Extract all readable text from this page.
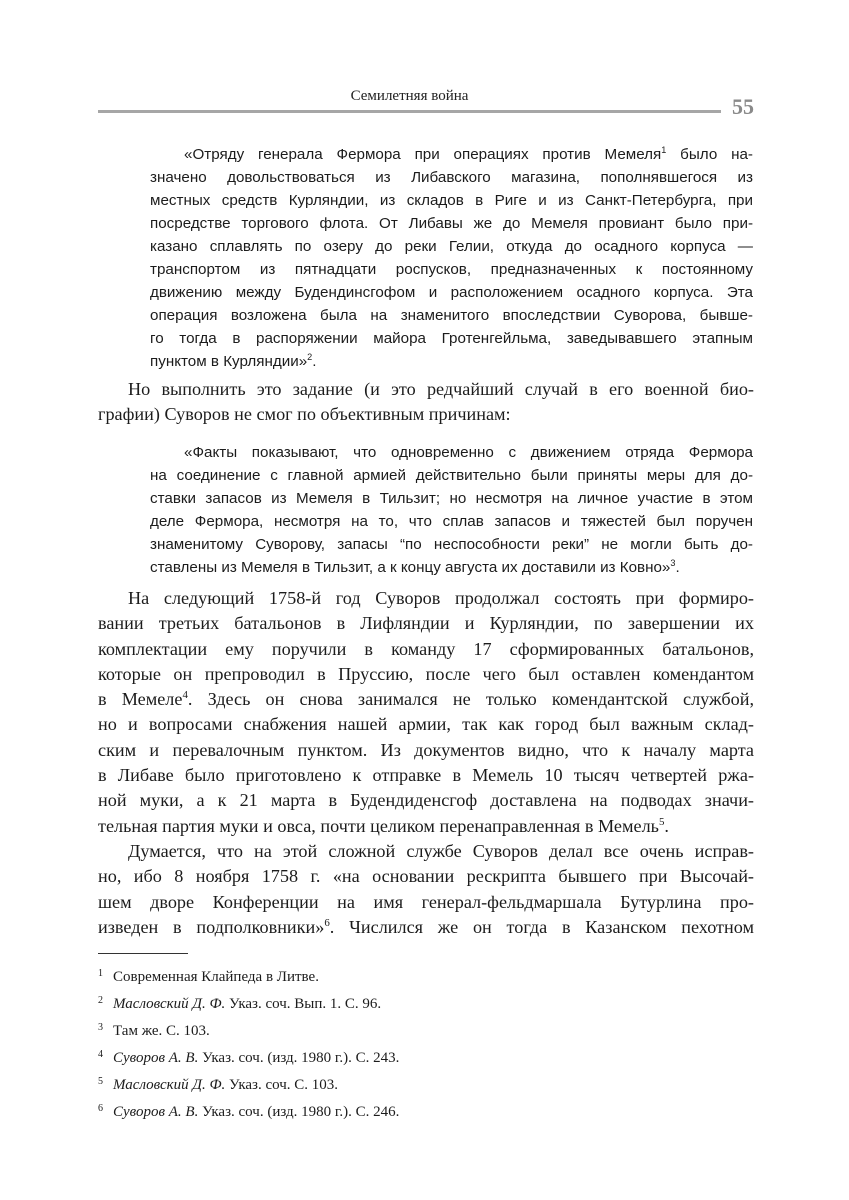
Семилетняя война	55
«Отряду генерала Фермора при операциях против Мемеля$^1$ было на-
значено довольствоваться из Либавского магазина, пополнявшегося из
местных средств Курляндии, из складов в Риге и из Санкт-Петербурга, при
посредстве торгового флота. От Либавы же до Мемеля провиант было при-
казано сплавлять по озеру до реки Гелии, откуда до осадного корпуса —
транспортом из пятнадцати роспусков, предназначенных к постоянному
движению между Будендинсгофом и расположением осадного корпуса. Эта
операция возложена была на знаменитого впоследствии Суворова, бывше-
го тогда в распоряжении майора Гротенгейльма, заведывавшего этапным
пунктом в Курляндии»$^2$.
Но выполнить это задание (и это редчайший случай в его военной био-
графии) Суворов не смог по объективным причинам:
«Факты показывают, что одновременно с движением отряда Фермора
на соединение с главной армией действительно были приняты меры для до-
ставки запасов из Мемеля в Тильзит; но несмотря на личное участие в этом
деле Фермора, несмотря на то, что сплав запасов и тяжестей был поручен
знаменитому Суворову, запасы “по неспособности реки” не могли быть до-
ставлены из Мемеля в Тильзит, а к концу августа их доставили из Ковно»$^3$.
На следующий 1758-й год Суворов продолжал состоять при формиро-
вании третьих батальонов в Лифляндии и Курляндии, по завершении их
комплектации ему поручили в команду 17 сформированных батальонов,
которые он препроводил в Пруссию, после чего был оставлен комендантом
в Мемеле$^4$. Здесь он снова занимался не только комендантской службой,
но и вопросами снабжения нашей армии, так как город был важным склад-
ским и перевалочным пунктом. Из документов видно, что к началу марта
в Либаве было приготовлено к отправке в Мемель 10 тысяч четвертей ржа-
ной муки, а к 21 марта в Будендиденсгоф доставлена на подводах значи-
тельная партия муки и овса, почти целиком перенаправленная в Мемель$^5$.
Думается, что на этой сложной службе Суворов делал все очень исправ-
но, ибо 8 ноября 1758 г. «на основании рескрипта бывшего при Высочай-
шем дворе Конференции на имя генерал-фельдмаршала Бутурлина про-
изведен в подполковники»$^6$. Числился же он тогда в Казанском пехотном
1 Современная Клайпеда в Литве.
2 Масловский Д. Ф. Указ. соч. Вып. 1. С. 96.
3 Там же. С. 103.
4 Суворов А. В. Указ. соч. (изд. 1980 г.). С. 243.
5 Масловский Д. Ф. Указ. соч. С. 103.
6 Суворов А. В. Указ. соч. (изд. 1980 г.). С. 246.
